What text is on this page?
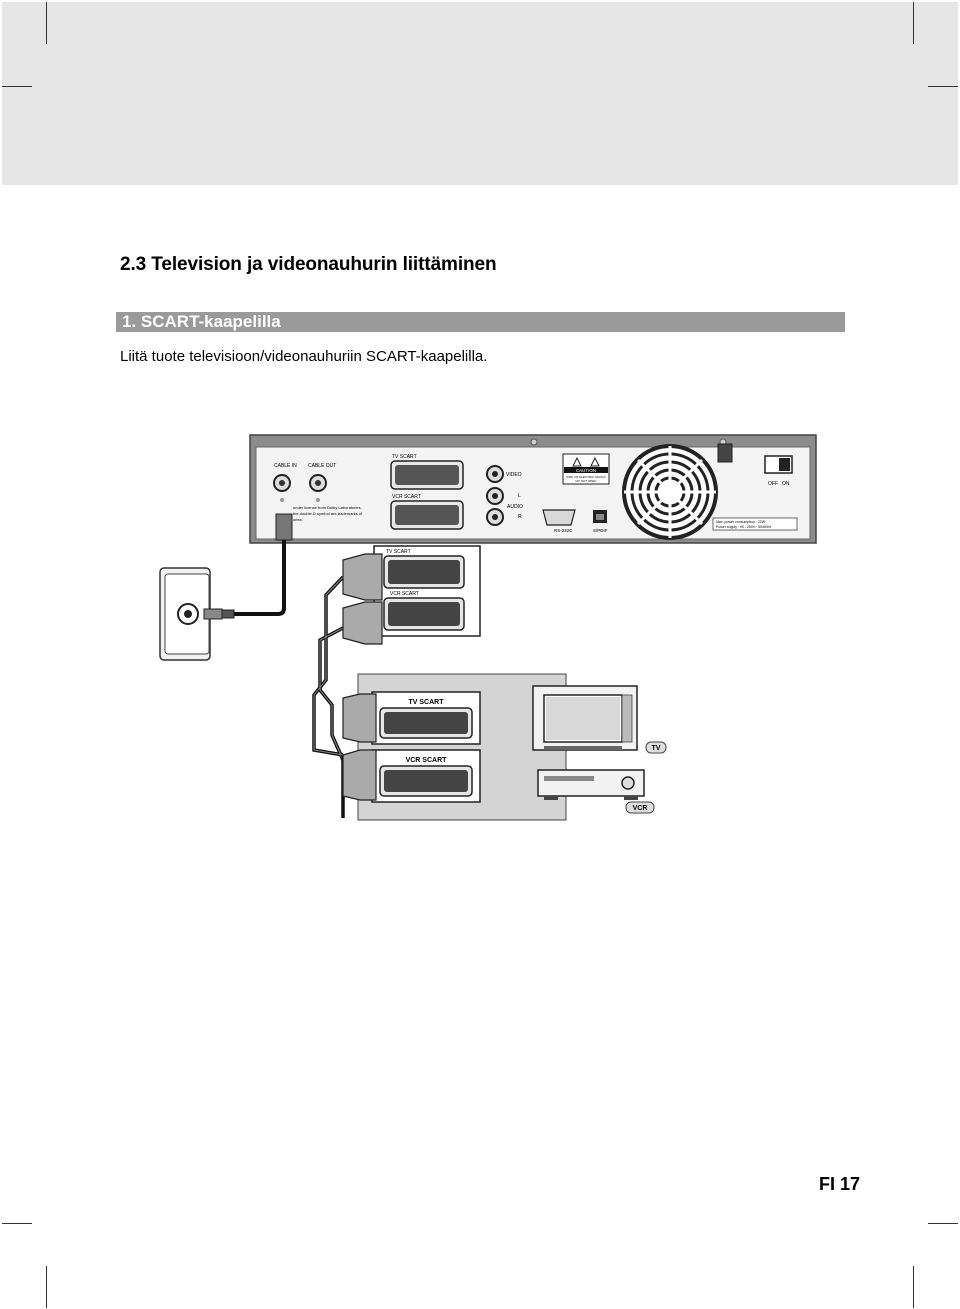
2.3 Television ja videonauhurin liittäminen
1. SCART-kaapelilla
Liitä tuote televisioon/videonauhuriin SCART-kaapelilla.
CABLE IN CABLE OUT
under license from Dolby Laboratories.
the double-D symbol are trademarks of
ories.
TV SCART
VCR SCART
VIDEO
AUDIO
L
R
CAUTION
RISK OF ELECTRIC SHOCK
DO NOT OPEN
RS-232C	S/PDIF
OFF ON
Max. power consumption : 22W
Power supply : 90 - 250V~ 50/60Hz
TV SCART
VCR SCART
TV SCART
VCR SCART
TV
VCR
FI 17
